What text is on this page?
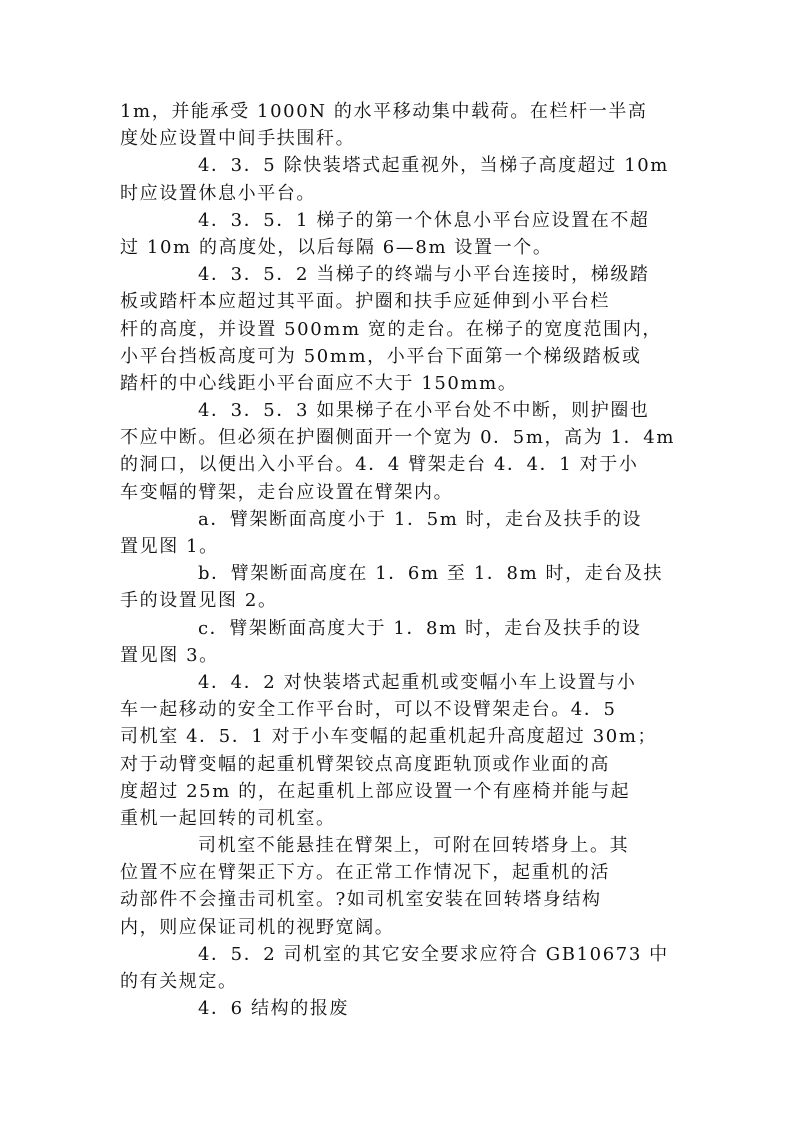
1m，并能承受 1000N 的水平移动集中载荷。在栏杆一半高
度处应设置中间手扶围秆。
4．3．5 除快装塔式起重视外，当梯子高度超过 10m
时应设置休息小平台。
4．3．5．1 梯子的第一个休息小平台应设置在不超
过 10m 的高度处，以后每隔 6—8m 设置一个。
4．3．5．2 当梯子的终端与小平台连接时，梯级踏
板或踏杆本应超过其平面。护圈和扶手应延伸到小平台栏
杆的高度，并设置 500mm 宽的走台。在梯子的宽度范围内，
小平台挡板高度可为 50mm，小平台下面第一个梯级踏板或
踏杆的中心线距小平台面应不大于 150mm。
4．3．5．3 如果梯子在小平台处不中断，则护圈也
不应中断。但必须在护圈侧面开一个宽为 0．5m，高为 1．4m
的洞口，以便出入小平台。4．4 臂架走台 4．4．1 对于小
车变幅的臂架，走台应设置在臂架内。
a．臂架断面高度小于 1．5m 时，走台及扶手的设
置见图 1。
b．臂架断面高度在 1．6m 至 1．8m 时，走台及扶
手的设置见图 2。
c．臂架断面高度大于 1．8m 时，走台及扶手的设
置见图 3。
4．4．2 对快装塔式起重机或变幅小车上设置与小
车一起移动的安全工作平台时，可以不设臂架走台。4．5
司机室 4．5．1 对于小车变幅的起重机起升高度超过 30m；
对于动臂变幅的起重机臂架铰点高度距轨顶或作业面的高
度超过 25m 的，在起重机上部应设置一个有座椅并能与起
重机一起回转的司机室。
司机室不能悬挂在臂架上，可附在回转塔身上。其
位置不应在臂架正下方。在正常工作情况下，起重机的活
动部件不会撞击司机室。?如司机室安装在回转塔身结构
内，则应保证司机的视野宽阔。
4．5．2 司机室的其它安全要求应符合 GB10673 中
的有关规定。
4．6 结构的报废
